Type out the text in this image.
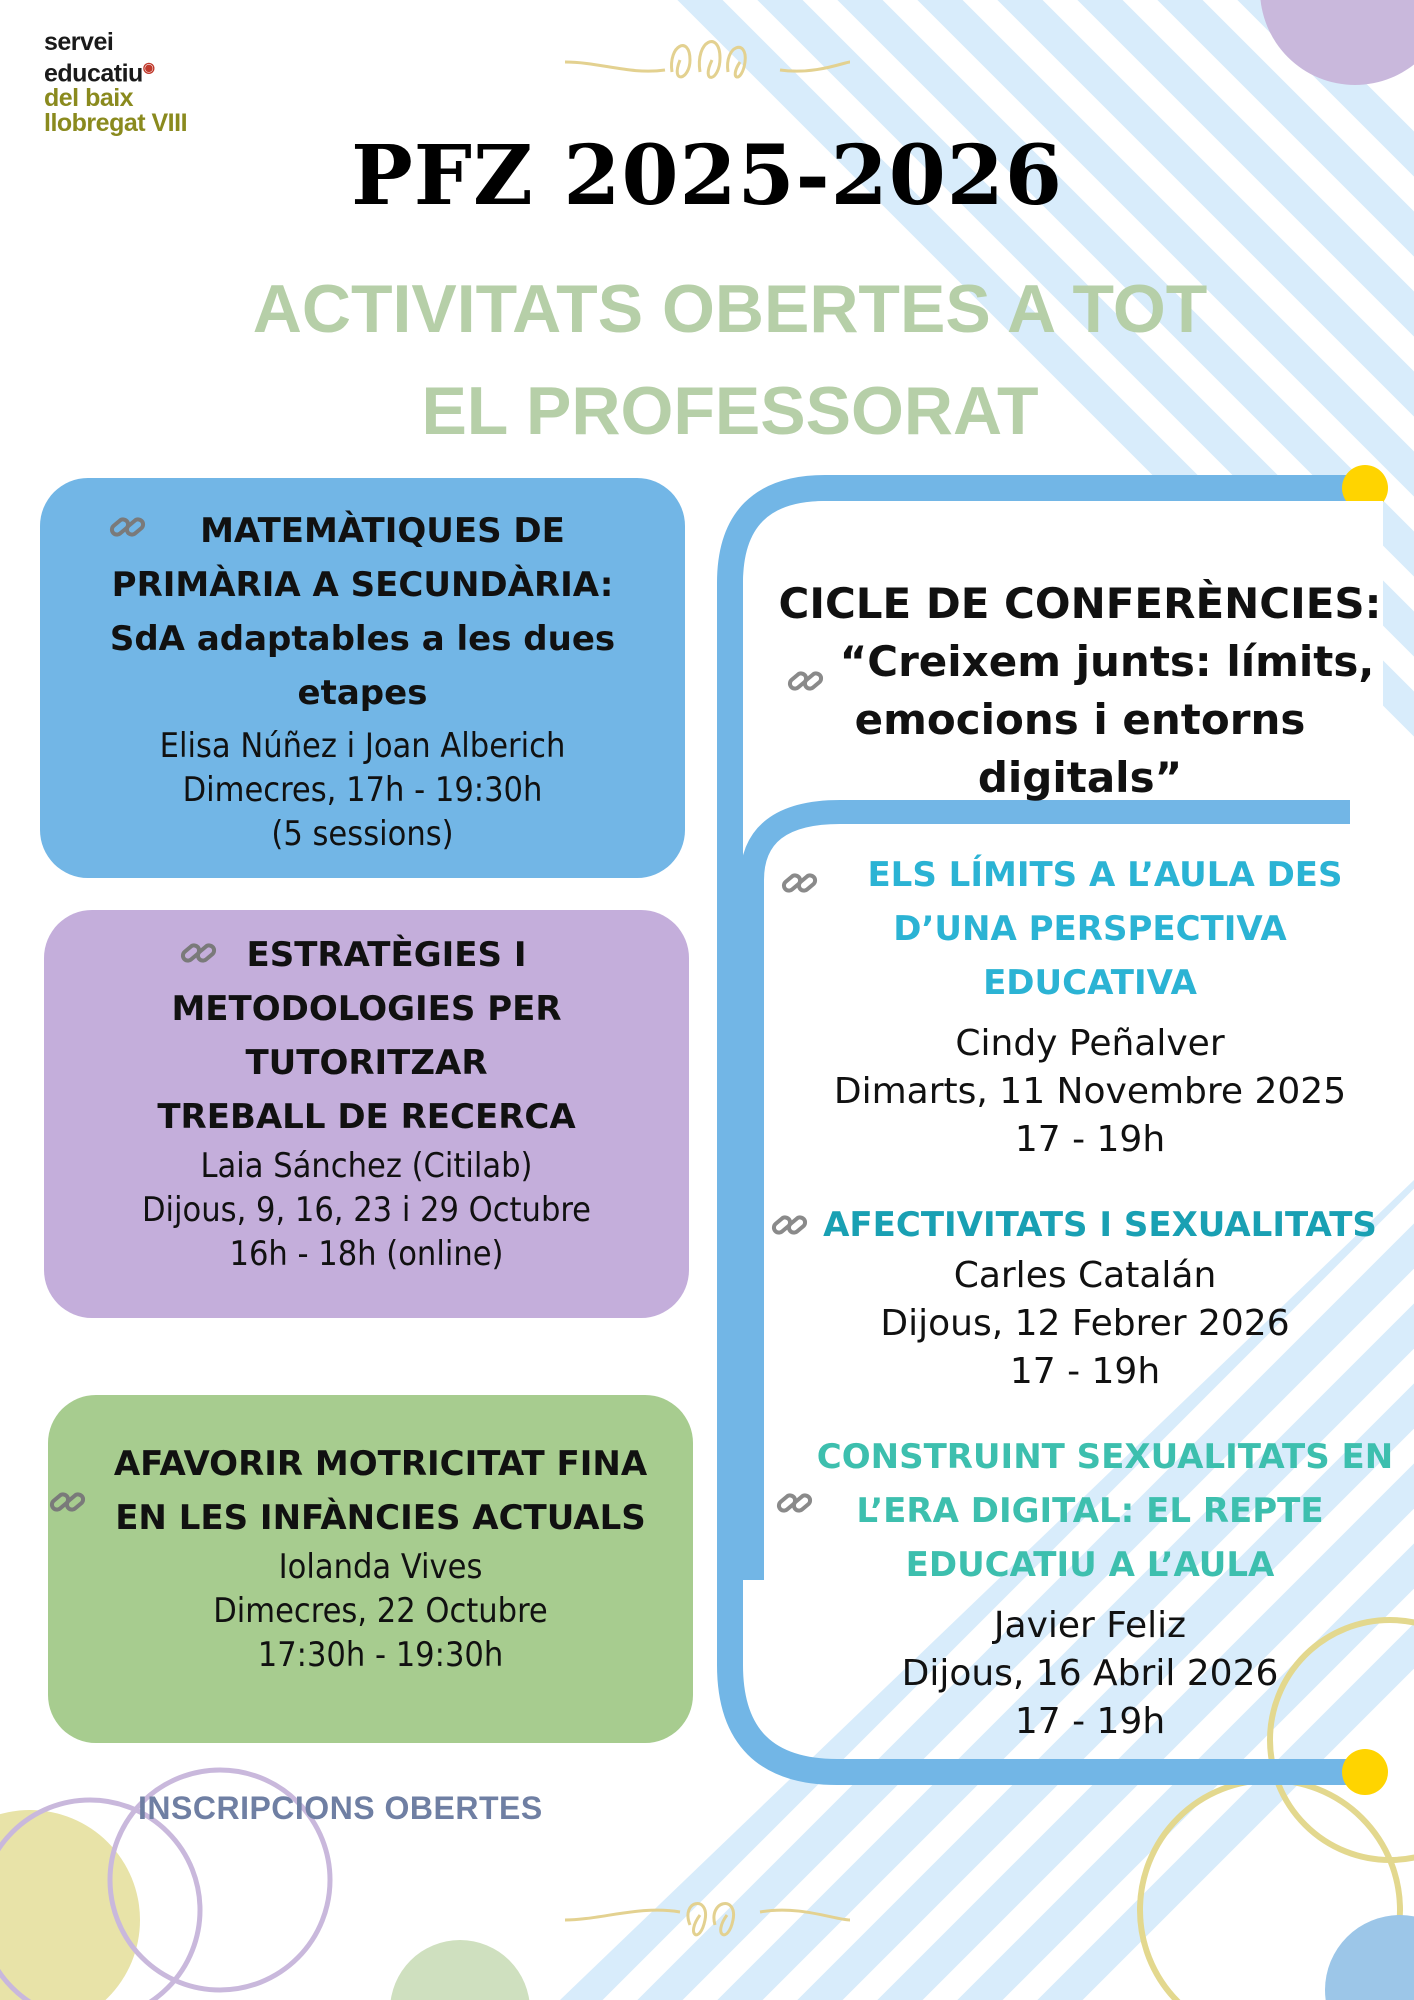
servei
educatiu◉
del baix
llobregat VIII
PFZ 2025-2026
ACTIVITATS OBERTES A TOT
EL PROFESSORAT
MATEMÀTIQUES DE
PRIMÀRIA A SECUNDÀRIA:
SdA adaptables a les dues
etapes
Elisa Núñez i Joan Alberich
Dimecres, 17h - 19:30h
(5 sessions)
ESTRATÈGIES I
METODOLOGIES PER
TUTORITZAR
TREBALL DE RECERCA
Laia Sánchez (Citilab)
Dijous, 9, 16, 23 i 29 Octubre
16h - 18h (online)
AFAVORIR MOTRICITAT FINA
EN LES INFÀNCIES ACTUALS
Iolanda Vives
Dimecres, 22 Octubre
17:30h - 19:30h
CICLE DE CONFERÈNCIES:
“Creixem junts: límits,
emocions i entorns digitals”
ELS LÍMITS A L’AULA DES
D’UNA PERSPECTIVA
EDUCATIVA
Cindy Peñalver
Dimarts, 11 Novembre 2025
17 - 19h
AFECTIVITATS I SEXUALITATS
Carles Catalán
Dijous, 12 Febrer 2026
17 - 19h
CONSTRUINT SEXUALITATS EN
L’ERA DIGITAL: EL REPTE
EDUCATIU A L’AULA
Javier Feliz
Dijous, 16 Abril 2026
17 - 19h
INSCRIPCIONS OBERTES
